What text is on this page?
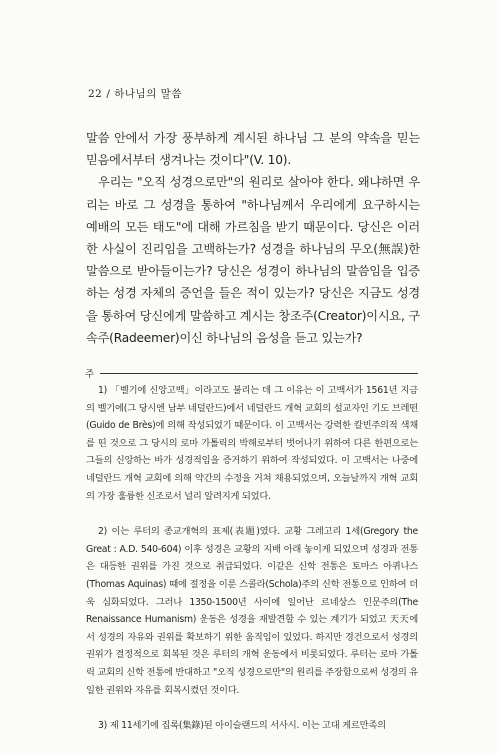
22 / 하나님의 말씀

말씀 안에서 가장 풍부하게 계시된 하나님 그 분의 약속을 믿는 믿음에서부터 생겨나는 것이다"(V. 10).

우리는 "오직 성경으로만"의 원리로 살아야 한다. 왜냐하면 우리는 바로 그 성경을 통하여 "하나님께서 우리에게 요구하시는 예배의 모든 태도"에 대해 가르침을 받기 때문이다. 당신은 이러한 사실이 진리임을 고백하는가? 성경을 하나님의 무오(無誤)한 말씀으로 받아들이는가? 당신은 성경이 하나님의 말씀임을 입증하는 성경 자체의 증언을 들은 적이 있는가? 당신은 지금도 성경을 통하여 당신에게 말씀하고 계시는 창조주(Creator)이시요, 구속주(Radeemer)이신 하나님의 음성을 듣고 있는가?

주

1) 「벨기에 신앙고백」이라고도 불리는 데 그 이유는 이 고백서가 1561년 지금의 벨기에(그 당시엔 남부 네덜란드)에서 네덜란드 개혁 교회의 설교자인 기도 브레떤(Guido de Brès)에 의해 작성되었기 때문이다. 이 고백서는 강력한 칼빈주의적 색채를 띤 것으로 그 당시의 로마 가톨릭의 박해로부터 벗어나기 위하여 다른 한편으로는 그들의 신앙하는 바가 성경적임을 증거하기 위하여 작성되었다. 이 고백서는 나중에 네덜란드 개혁 교회에 의해 약간의 수정을 거쳐 채용되었으며, 오늘날까지 개혁 교회의 가장 훌륭한 신조로서 널리 알려지게 되었다.

2) 이는 루터의 종교개혁의 표제(表題)였다. 교황 그레고리 1세(Gregory the Great : A.D. 540-604) 이후 성경은 교황의 지배 아래 놓이게 되었으며 성경과 전통은 대등한 권위를 가진 것으로 취급되었다. 이같은 신학 전통은 토마스 아퀴나스(Thomas Aquinas) 때에 절정을 이룬 스콜라(Schola)주의 신학 전통으로 인하여 더욱 심화되었다. 그러나 1350-1500년 사이에 일어난 르네상스 인문주의(The Renaissance Humanism) 운동은 성경을 재발견할 수 있는 계기가 되었고 天天에서 성경의 자유와 권위를 확보하기 위한 움직임이 있었다. 하지만 경건으로서 성경의 권위가 결정적으로 회복된 것은 루터의 개혁 운동에서 비롯되었다. 루터는 로마 가톨릭 교회의 신학 전통에 반대하고 "오직 성경으로만"의 원리를 주장함으로써 성경의 유일한 권위와 자유를 회복시켰던 것이다.

3) 제 11세기에 집록(集錄)된 아이슬랜드의 서사시. 이는 고대 게르만족의
